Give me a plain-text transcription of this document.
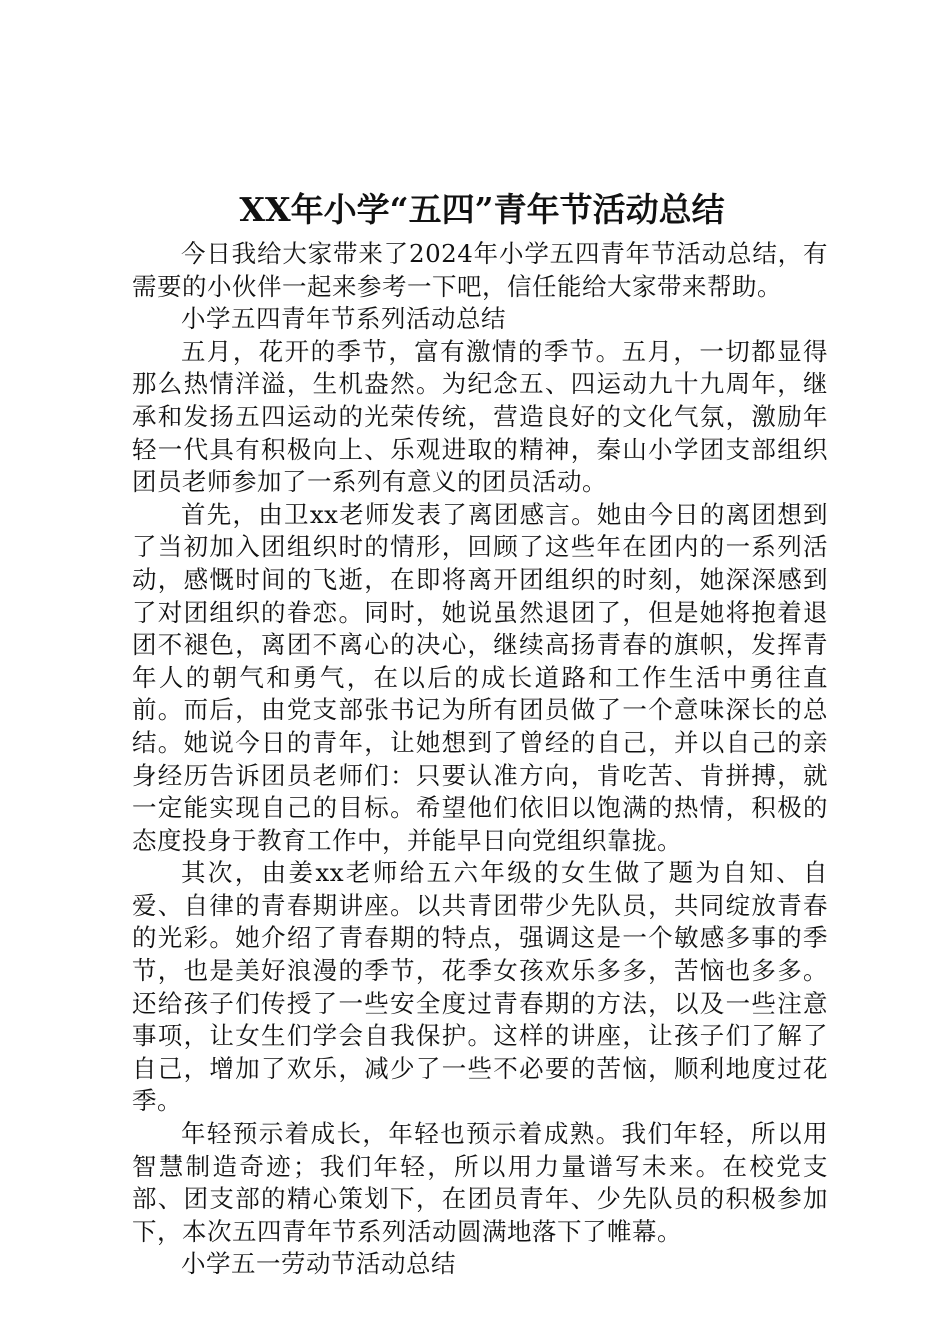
XX年小学“五四”青年节活动总结

今日我给大家带来了2024年小学五四青年节活动总结，有需要的小伙伴一起来参考一下吧，信任能给大家带来帮助。

小学五四青年节系列活动总结

五月，花开的季节，富有激情的季节。五月，一切都显得那么热情洋溢，生机盎然。为纪念五、四运动九十九周年，继承和发扬五四运动的光荣传统，营造良好的文化气氛，激励年轻一代具有积极向上、乐观进取的精神，秦山小学团支部组织团员老师参加了一系列有意义的团员活动。

首先，由卫xx老师发表了离团感言。她由今日的离团想到了当初加入团组织时的情形，回顾了这些年在团内的一系列活动，感慨时间的飞逝，在即将离开团组织的时刻，她深深感到了对团组织的眷恋。同时，她说虽然退团了，但是她将抱着退团不褪色，离团不离心的决心，继续高扬青春的旗帜，发挥青年人的朝气和勇气，在以后的成长道路和工作生活中勇往直前。而后，由党支部张书记为所有团员做了一个意味深长的总结。她说今日的青年，让她想到了曾经的自己，并以自己的亲身经历告诉团员老师们：只要认准方向，肯吃苦、肯拼搏，就一定能实现自己的目标。希望他们依旧以饱满的热情，积极的态度投身于教育工作中，并能早日向党组织靠拢。

其次，由姜xx老师给五六年级的女生做了题为自知、自爱、自律的青春期讲座。以共青团带少先队员，共同绽放青春的光彩。她介绍了青春期的特点，强调这是一个敏感多事的季节，也是美好浪漫的季节，花季女孩欢乐多多，苦恼也多多。还给孩子们传授了一些安全度过青春期的方法，以及一些注意事项，让女生们学会自我保护。这样的讲座，让孩子们了解了自己，增加了欢乐，减少了一些不必要的苦恼，顺利地度过花季。

年轻预示着成长，年轻也预示着成熟。我们年轻，所以用智慧制造奇迹；我们年轻，所以用力量谱写未来。在校党支部、团支部的精心策划下，在团员青年、少先队员的积极参加下，本次五四青年节系列活动圆满地落下了帷幕。

小学五一劳动节活动总结
